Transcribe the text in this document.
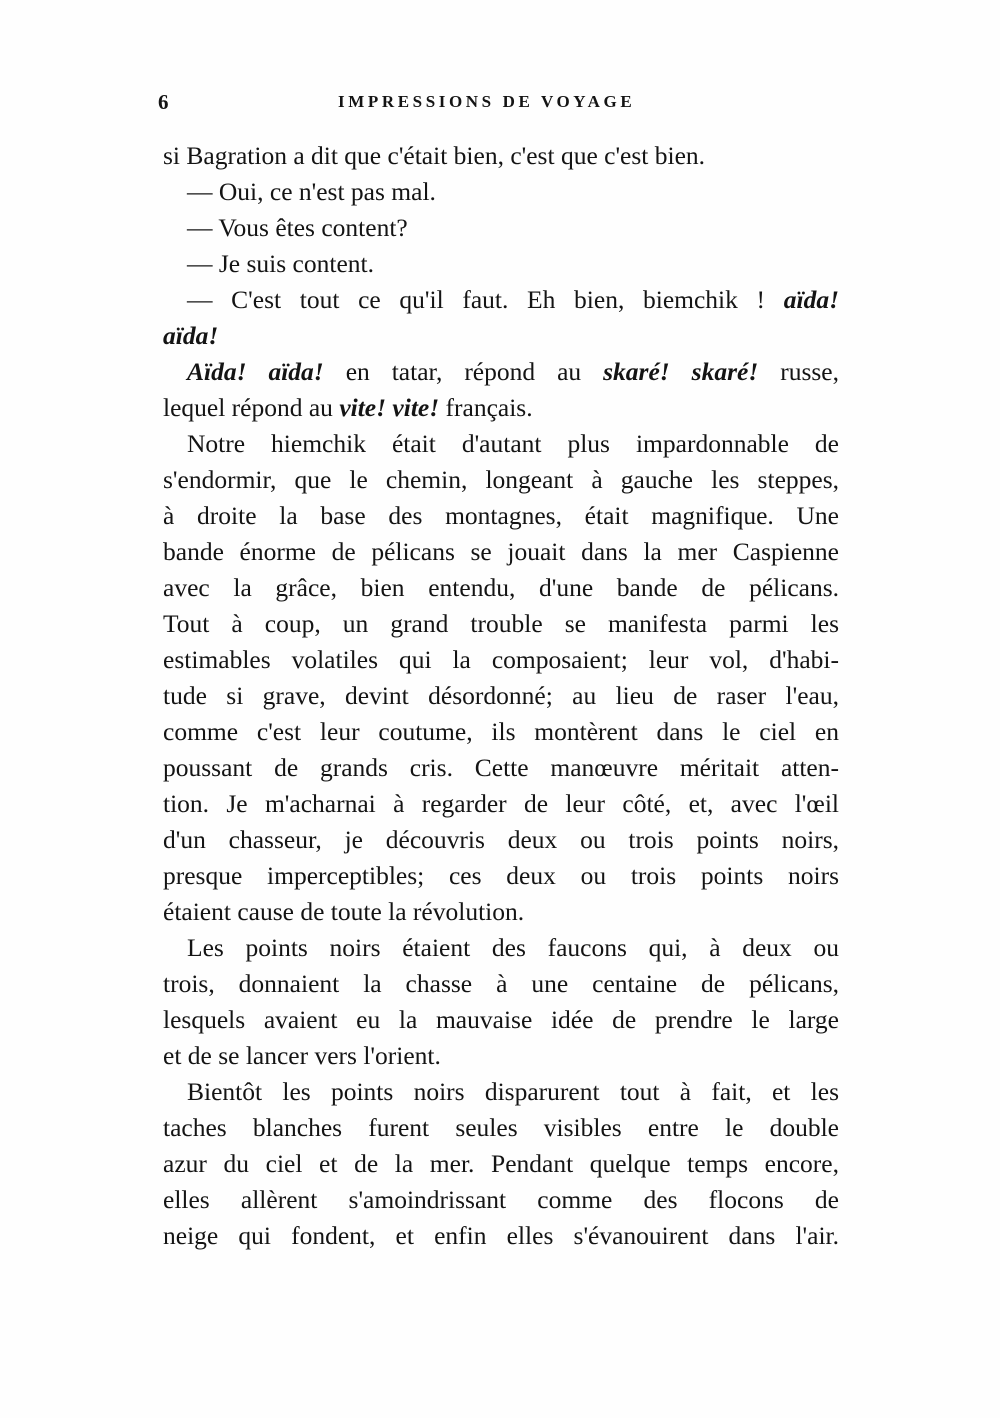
6	IMPRESSIONS DE VOYAGE
si Bagration a dit que c'était bien, c'est que c'est bien.
— Oui, ce n'est pas mal.
— Vous êtes content?
— Je suis content.
— C'est tout ce qu'il faut. Eh bien, biemchik ! aïda!
aïda!
Aïda! aïda! en tatar, répond au skaré! skaré! russe,
lequel répond au vite! vite! français.
Notre hiemchik était d'autant plus impardonnable de
s'endormir, que le chemin, longeant à gauche les steppes,
à droite la base des montagnes, était magnifique. Une
bande énorme de pélicans se jouait dans la mer Caspienne
avec la grâce, bien entendu, d'une bande de pélicans.
Tout à coup, un grand trouble se manifesta parmi les
estimables volatiles qui la composaient; leur vol, d'habi-
tude si grave, devint désordonné; au lieu de raser l'eau,
comme c'est leur coutume, ils montèrent dans le ciel en
poussant de grands cris. Cette manœuvre méritait atten-
tion. Je m'acharnai à regarder de leur côté, et, avec l'œil
d'un chasseur, je découvris deux ou trois points noirs,
presque imperceptibles; ces deux ou trois points noirs
étaient cause de toute la révolution.
Les points noirs étaient des faucons qui, à deux ou
trois, donnaient la chasse à une centaine de pélicans,
lesquels avaient eu la mauvaise idée de prendre le large
et de se lancer vers l'orient.
Bientôt les points noirs disparurent tout à fait, et les
taches blanches furent seules visibles entre le double
azur du ciel et de la mer. Pendant quelque temps encore,
elles allèrent s'amoindrissant comme des flocons de
neige qui fondent, et enfin elles s'évanouirent dans l'air.
